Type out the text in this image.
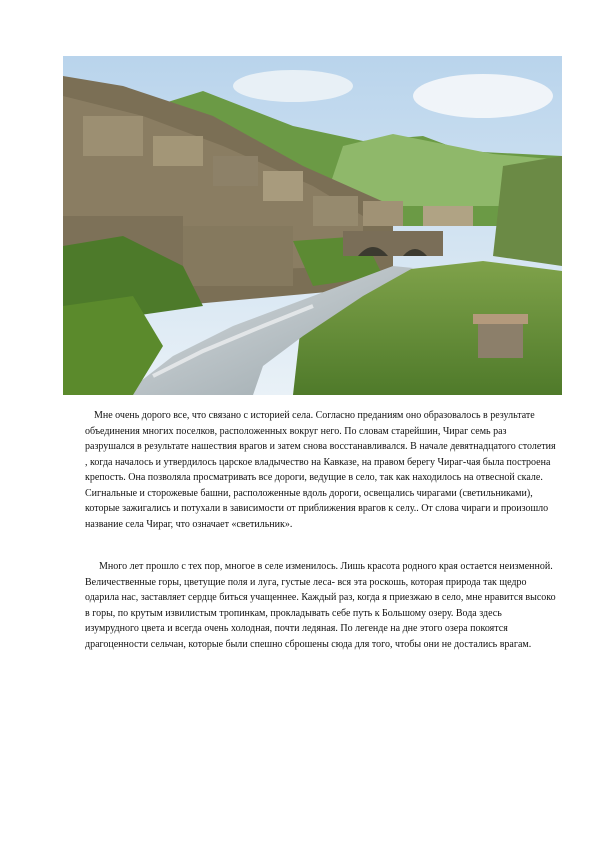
Мне очень дорого все, что связано с историей села. Согласно преданиям оно образовалось в результате объединения многих поселков, расположенных вокруг него. По словам старейшин, Чираг семь раз разрушался в результате нашествия врагов и затем снова восстанавливался. В начале девятнадцатого столетия , когда началось и утвердилось царское владычество на Кавказе, на правом берегу Чираг-чая была построена крепость. Она позволяла просматривать все дороги, ведущие в село, так как находилось на отвесной скале. Сигнальные и сторожевые башни, расположенные вдоль дороги, освещались чирагами (светильниками), которые зажигались и потухали в зависимости от приближения врагов к селу.. От слова чираги и произошло название села Чираг, что означает «светильник».

Много лет прошло с тех пор, многое в селе изменилось. Лишь красота родного края остается неизменной. Величественные горы, цветущие поля и луга, густые леса- вся эта роскошь, которая природа так щедро одарила нас, заставляет сердце биться учащеннее. Каждый раз, когда я приезжаю в село, мне нравится высоко в горы, по крутым извилистым тропинкам, прокладывать себе путь к Большому озеру. Вода здесь изумрудного цвета и всегда очень холодная, почти ледяная. По легенде на дне этого озера покоятся драгоценности сельчан, которые были спешно сброшены сюда для того, чтобы они не достались врагам.
